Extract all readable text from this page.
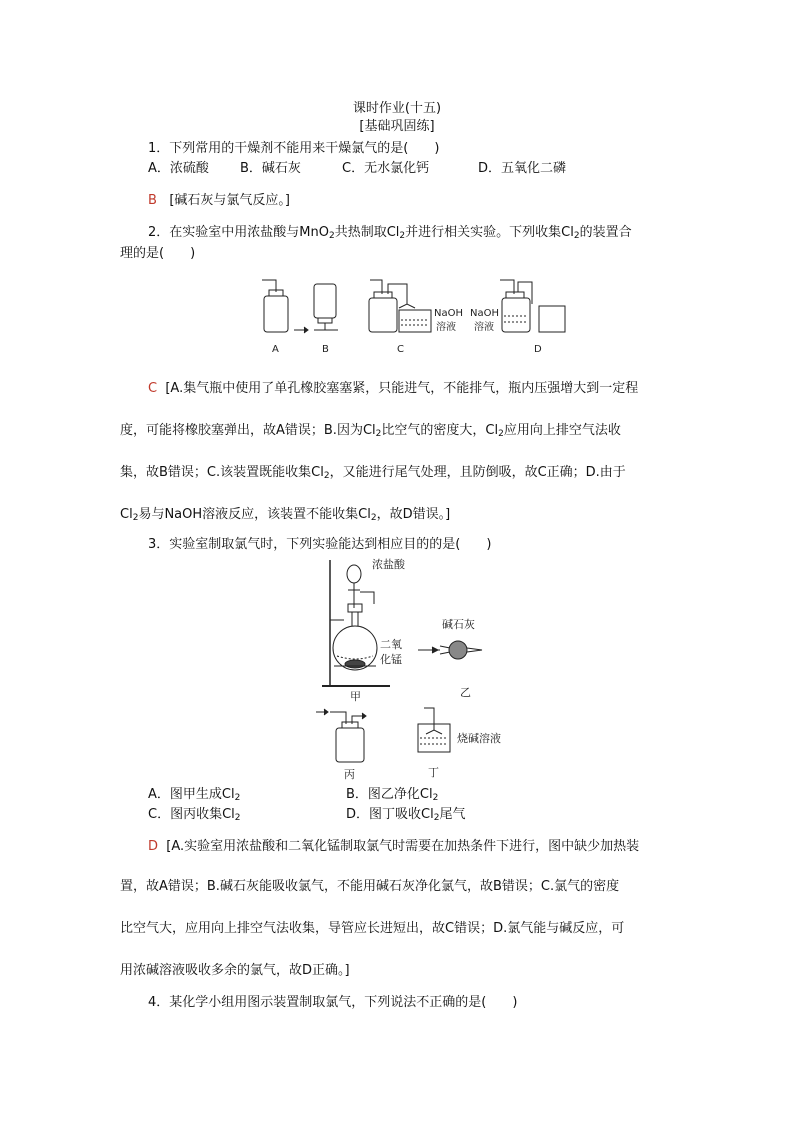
课时作业(十五)
[基础巩固练]
1．下列常用的干燥剂不能用来干燥氯气的是(　　)
A．浓硫酸 B．碱石灰	C．无水氯化钙	D．五氧化二磷
B [碱石灰与氯气反应。]
2．在实验室中用浓盐酸与MnO$_2$共热制取$Cl_2$并进行相关实验。下列收集$Cl_2$的装置合
理的是(　　)
A	B	C	D
NaOH
溶液
NaOH
溶液
C [A.集气瓶中使用了单孔橡胶塞塞紧，只能进气，不能排气，瓶内压强增大到一定程
度，可能将橡胶塞弹出，故A错误；B.因为$Cl_2$比空气的密度大，$Cl_2$应用向上排空气法收
集，故B错误；C.该装置既能收集$Cl_2$，又能进行尾气处理，且防倒吸，故C正确；D.由于
$Cl_2$易与NaOH溶液反应，该装置不能收集$Cl_2$，故D错误。]
3．实验室制取氯气时，下列实验能达到相应目的的是(　　)
浓盐酸
二氧
化锰
甲
碱石灰
乙
丙
烧碱溶液
丁
A．图甲生成$Cl_2$	B．图乙净化$Cl_2$
C．图丙收集$Cl_2$	D．图丁吸收$Cl_2$尾气
D [A.实验室用浓盐酸和二氧化锰制取氯气时需要在加热条件下进行，图中缺少加热装
置，故A错误；B.碱石灰能吸收氯气，不能用碱石灰净化氯气，故B错误；C.氯气的密度
比空气大，应用向上排空气法收集，导管应长进短出，故C错误；D.氯气能与碱反应，可
用浓碱溶液吸收多余的氯气，故D正确。]
4．某化学小组用图示装置制取氯气，下列说法不正确的是(　　)
